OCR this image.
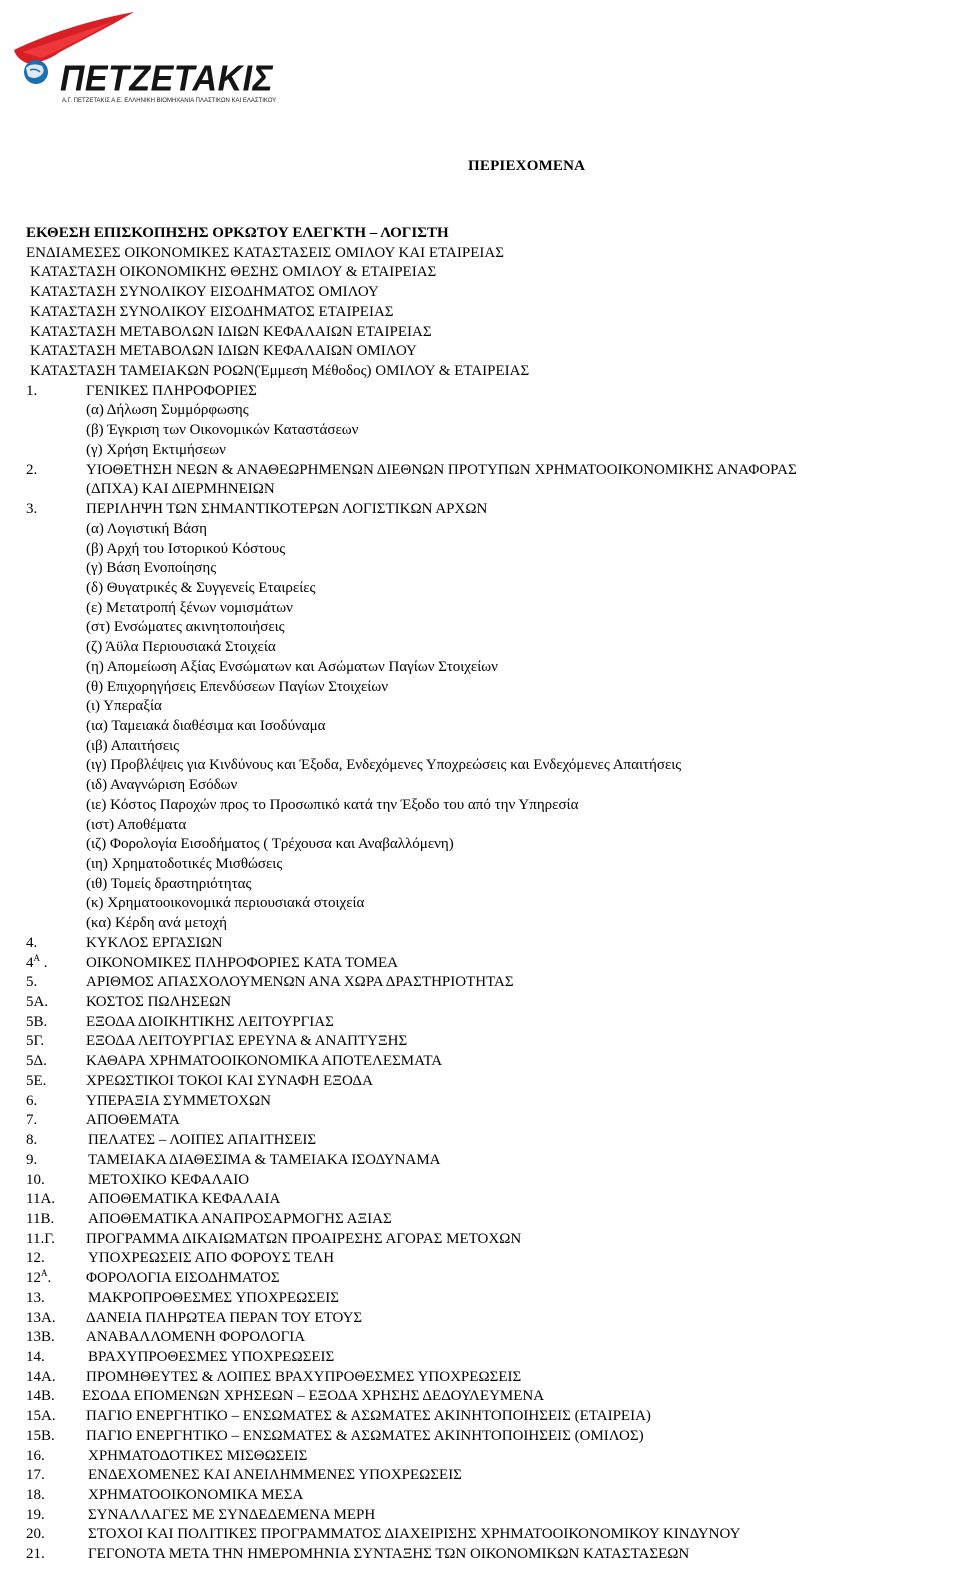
ΠΕΤΖΕΤΑΚΙΣ
Α.Γ. ΠΕΤΖΕΤΑΚΙΣ Α.Ε. ΕΛΛΗΝΙΚΗ ΒΙΟΜΗΧΑΝΙΑ ΠΛΑΣΤΙΚΩΝ ΚΑΙ ΕΛΑΣΤΙΚΟΥ
ΠΕΡΙΕΧΟΜΕΝΑ
ΕΚΘΕΣΗ ΕΠΙΣΚΟΠΗΣΗΣ ΟΡΚΩΤΟΥ ΕΛΕΓΚΤΗ – ΛΟΓΙΣΤΗ
ΕΝΔΙΑΜΕΣΕΣ ΟΙΚΟΝΟΜΙΚΕΣ ΚΑΤΑΣΤΑΣΕΙΣ ΟΜΙΛΟΥ ΚΑΙ ΕΤΑΙΡΕΙΑΣ
ΚΑΤΑΣΤΑΣΗ ΟΙΚΟΝΟΜΙΚΗΣ ΘΕΣΗΣ ΟΜΙΛΟΥ & ΕΤΑΙΡΕΙΑΣ
ΚΑΤΑΣΤΑΣΗ ΣΥΝΟΛΙΚΟΥ ΕΙΣΟΔΗΜΑΤΟΣ ΟΜΙΛΟΥ
ΚΑΤΑΣΤΑΣΗ ΣΥΝΟΛΙΚΟΥ ΕΙΣΟΔΗΜΑΤΟΣ ΕΤΑΙΡΕΙΑΣ
ΚΑΤΑΣΤΑΣΗ ΜΕΤΑΒΟΛΩΝ ΙΔΙΩΝ ΚΕΦΑΛΑΙΩΝ ΕΤΑΙΡΕΙΑΣ
ΚΑΤΑΣΤΑΣΗ ΜΕΤΑΒΟΛΩΝ ΙΔΙΩΝ ΚΕΦΑΛΑΙΩΝ ΟΜΙΛΟΥ
ΚΑΤΑΣΤΑΣΗ ΤΑΜΕΙΑΚΩΝ ΡΟΩΝ(Έμμεση Μέθοδος) ΟΜΙΛΟΥ & ΕΤΑΙΡΕΙΑΣ
1.	ΓΕΝΙΚΕΣ ΠΛΗΡΟΦΟΡΙΕΣ
(α) Δήλωση Συμμόρφωσης
(β) Έγκριση των Οικονομικών Καταστάσεων
(γ) Χρήση Εκτιμήσεων
2.	ΥΙΟΘΕΤΗΣΗ ΝΕΩΝ & ΑΝΑΘΕΩΡΗΜΕΝΩΝ ΔΙΕΘΝΩΝ ΠΡΟΤΥΠΩΝ ΧΡΗΜΑΤΟΟΙΚΟΝΟΜΙΚΗΣ ΑΝΑΦΟΡΑΣ
(ΔΠΧΑ) ΚΑΙ ΔΙΕΡΜΗΝΕΙΩΝ
3.	ΠΕΡΙΛΗΨΗ ΤΩΝ ΣΗΜΑΝΤΙΚΟΤΕΡΩΝ ΛΟΓΙΣΤΙΚΩΝ ΑΡΧΩΝ
(α) Λογιστική Βάση
(β) Αρχή του Ιστορικού Κόστους
(γ) Βάση Ενοποίησης
(δ) Θυγατρικές & Συγγενείς Εταιρείες
(ε) Μετατροπή ξένων νομισμάτων
(στ) Ενσώματες ακινητοποιήσεις
(ζ) Άϋλα Περιουσιακά Στοιχεία
(η) Απομείωση Αξίας Ενσώματων και Ασώματων Παγίων Στοιχείων
(θ) Επιχορηγήσεις Επενδύσεων Παγίων Στοιχείων
(ι) Υπεραξία
(ια) Ταμειακά διαθέσιμα και Ισοδύναμα
(ιβ) Απαιτήσεις
(ιγ) Προβλέψεις για Κινδύνους και Έξοδα, Ενδεχόμενες Υποχρεώσεις και Ενδεχόμενες Απαιτήσεις
(ιδ) Αναγνώριση Εσόδων
(ιε) Κόστος Παροχών προς το Προσωπικό κατά την Έξοδο του από την Υπηρεσία
(ιστ) Αποθέματα
(ιζ) Φορολογία Εισοδήματος ( Τρέχουσα και Αναβαλλόμενη)
(ιη) Χρηματοδοτικές Μισθώσεις
(ιθ) Τομείς δραστηριότητας
(κ) Χρηματοοικονομικά περιουσιακά στοιχεία
(κα) Κέρδη ανά μετοχή
4.	ΚΥΚΛΟΣ ΕΡΓΑΣΙΩΝ
$4^A$ .	ΟΙΚΟΝΟΜΙΚΕΣ ΠΛΗΡΟΦΟΡΙΕΣ ΚΑΤΑ ΤΟΜΕΑ
5.	ΑΡΙΘΜΟΣ ΑΠΑΣΧΟΛΟΥΜΕΝΩΝ ΑΝΑ ΧΩΡΑ ΔΡΑΣΤΗΡΙΟΤΗΤΑΣ
5Α.	ΚΟΣΤΟΣ ΠΩΛΗΣΕΩΝ
5Β.	ΕΞΟΔΑ ΔΙΟΙΚΗΤΙΚΗΣ ΛΕΙΤΟΥΡΓΙΑΣ
5Γ.	ΕΞΟΔΑ ΛΕΙΤΟΥΡΓΙΑΣ ΕΡΕΥΝΑ & ΑΝΑΠΤΥΞΗΣ
5Δ.	ΚΑΘΑΡΑ ΧΡΗΜΑΤΟΟΙΚΟΝΟΜΙΚΑ ΑΠΟΤΕΛΕΣΜΑΤΑ
5Ε.	ΧΡΕΩΣΤΙΚΟΙ ΤΟΚΟΙ ΚΑΙ ΣΥΝΑΦΗ ΕΞΟΔΑ
6.	ΥΠΕΡΑΞΙΑ ΣΥΜΜΕΤΟΧΩΝ
7.	ΑΠΟΘΕΜΑΤΑ
8.	ΠΕΛΑΤΕΣ – ΛΟΙΠΕΣ ΑΠΑΙΤΗΣΕΙΣ
9.	ΤΑΜΕΙΑΚΑ ΔΙΑΘΕΣΙΜΑ & ΤΑΜΕΙΑΚΑ ΙΣΟΔΥΝΑΜΑ
10.	ΜΕΤΟΧΙΚΟ ΚΕΦΑΛΑΙΟ
11Α. ΑΠΟΘΕΜΑΤΙΚΑ ΚΕΦΑΛΑΙΑ
11Β. ΑΠΟΘΕΜΑΤΙΚΑ ΑΝΑΠΡΟΣΑΡΜΟΓΗΣ ΑΞΙΑΣ
11.Γ. ΠΡΟΓΡΑΜΜΑ ΔΙΚΑΙΩΜΑΤΩΝ ΠΡΟΑΙΡΕΣΗΣ ΑΓΟΡΑΣ ΜΕΤΟΧΩΝ
12.	ΥΠΟΧΡΕΩΣΕΙΣ ΑΠΟ ΦΟΡΟΥΣ ΤΕΛΗ
$12^A$. ΦΟΡΟΛΟΓΙΑ ΕΙΣΟΔΗΜΑΤΟΣ
13.	ΜΑΚΡΟΠΡΟΘΕΣΜΕΣ ΥΠΟΧΡΕΩΣΕΙΣ
13Α. ΔΑΝΕΙΑ ΠΛΗΡΩΤΕΑ ΠΕΡΑΝ ΤΟΥ ΕΤΟΥΣ
13Β. ΑΝΑΒΑΛΛΟΜΕΝΗ ΦΟΡΟΛΟΓΙΑ
14.	ΒΡΑΧΥΠΡΟΘΕΣΜΕΣ ΥΠΟΧΡΕΩΣΕΙΣ
14Α. ΠΡΟΜΗΘΕΥΤΕΣ & ΛΟΙΠΕΣ ΒΡΑΧΥΠΡΟΘΕΣΜΕΣ ΥΠΟΧΡΕΩΣΕΙΣ
14Β. ΕΣΟΔΑ ΕΠΟΜΕΝΩΝ ΧΡΗΣΕΩΝ – ΕΞΟΔΑ ΧΡΗΣΗΣ ΔΕΔΟΥΛΕΥΜΕΝΑ
15Α. ΠΑΓΙΟ ΕΝΕΡΓΗΤΙΚΟ – ΕΝΣΩΜΑΤΕΣ & ΑΣΩΜΑΤΕΣ ΑΚΙΝΗΤΟΠΟΙΗΣΕΙΣ (ΕΤΑΙΡΕΙΑ)
15Β. ΠΑΓΙΟ ΕΝΕΡΓΗΤΙΚΟ – ΕΝΣΩΜΑΤΕΣ & ΑΣΩΜΑΤΕΣ ΑΚΙΝΗΤΟΠΟΙΗΣΕΙΣ (ΟΜΙΛΟΣ)
16.	ΧΡΗΜΑΤΟΔΟΤΙΚΕΣ ΜΙΣΘΩΣΕΙΣ
17.	ΕΝΔΕΧΟΜΕΝΕΣ ΚΑΙ ΑΝΕΙΛΗΜΜΕΝΕΣ ΥΠΟΧΡΕΩΣΕΙΣ
18.	ΧΡΗΜΑΤΟΟΙΚΟΝΟΜΙΚΑ ΜΕΣΑ
19.	ΣΥΝΑΛΛΑΓΕΣ ΜΕ ΣΥΝΔΕΔΕΜΕΝΑ ΜΕΡΗ
20.	ΣΤΟΧΟΙ ΚΑΙ ΠΟΛΙΤΙΚΕΣ ΠΡΟΓΡΑΜΜΑΤΟΣ ΔΙΑΧΕΙΡΙΣΗΣ ΧΡΗΜΑΤΟΟΙΚΟΝΟΜΙΚΟΥ ΚΙΝΔΥΝΟΥ
21.	ΓΕΓΟΝΟΤΑ ΜΕΤΑ ΤΗΝ ΗΜΕΡΟΜΗΝΙΑ ΣΥΝΤΑΞΗΣ ΤΩΝ ΟΙΚΟΝΟΜΙΚΩΝ ΚΑΤΑΣΤΑΣΕΩΝ
